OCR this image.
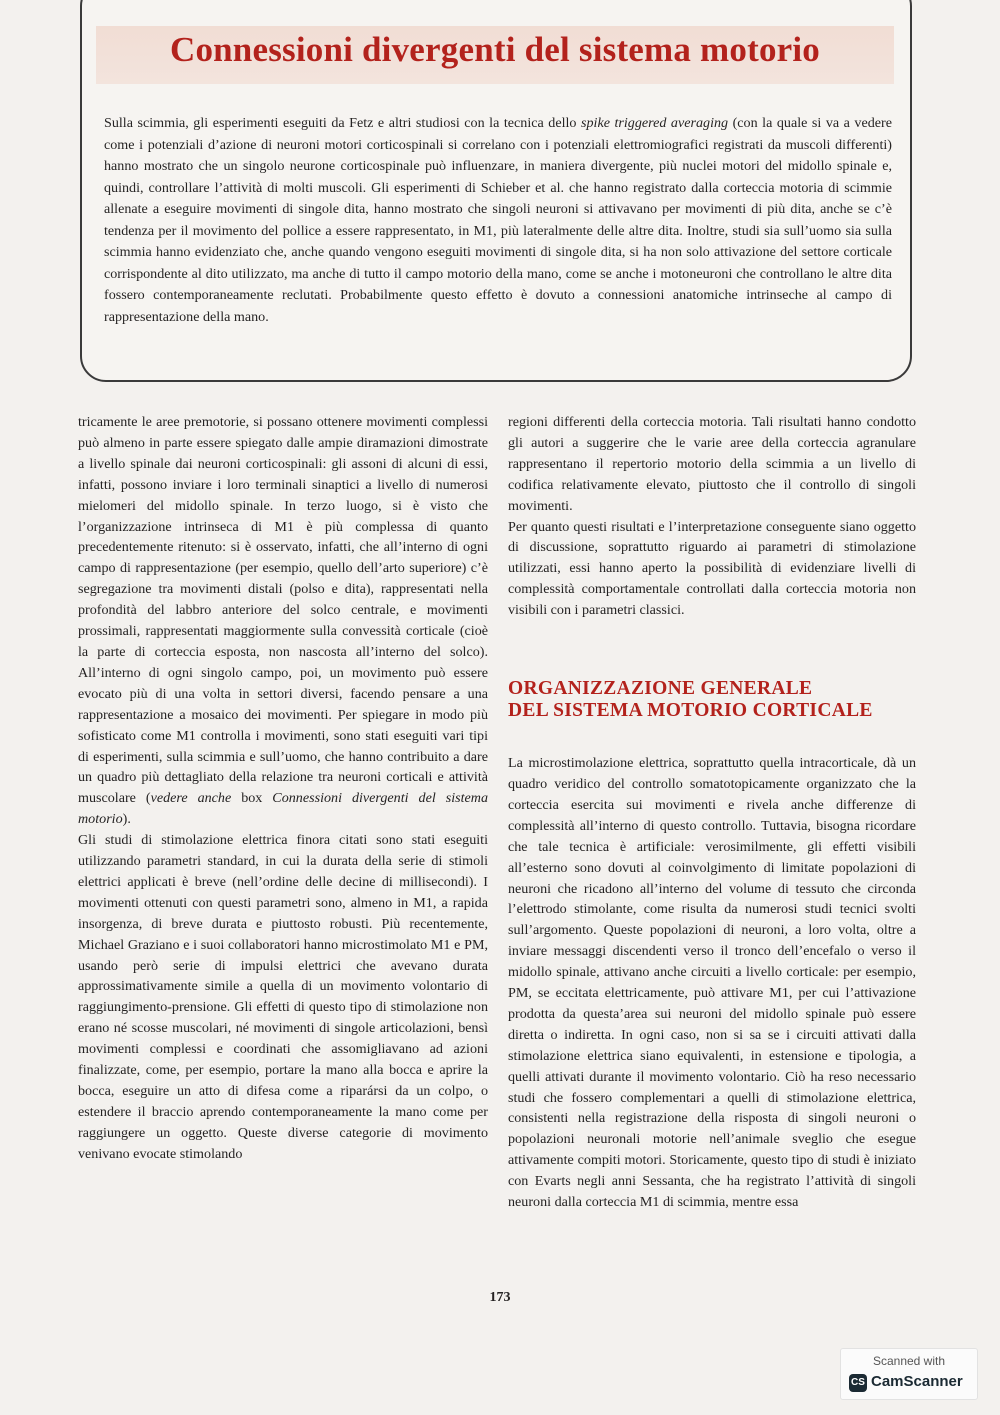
Connessioni divergenti del sistema motorio
Sulla scimmia, gli esperimenti eseguiti da Fetz e altri studiosi con la tecnica dello spike triggered averaging (con la quale si va a vedere come i potenziali d’azione di neuroni motori corticospinali si correlano con i potenziali elettromiografici registrati da muscoli differenti) hanno mostrato che un singolo neurone corticospinale può influenzare, in maniera divergente, più nuclei motori del midollo spinale e, quindi, controllare l’attività di molti muscoli. Gli esperimenti di Schieber et al. che hanno registrato dalla corteccia motoria di scimmie allenate a eseguire movimenti di singole dita, hanno mostrato che singoli neuroni si attivavano per movimenti di più dita, anche se c’è tendenza per il movimento del pollice a essere rappresentato, in M1, più lateralmente delle altre dita. Inoltre, studi sia sull’uomo sia sulla scimmia hanno evidenziato che, anche quando vengono eseguiti movimenti di singole dita, si ha non solo attivazione del settore corticale corrispondente al dito utilizzato, ma anche di tutto il campo motorio della mano, come se anche i motoneuroni che controllano le altre dita fossero contemporaneamente reclutati. Probabilmente questo effetto è dovuto a connessioni anatomiche intrinseche al campo di rappresentazione della mano.

tricamente le aree premotorie, si possano ottenere movimenti complessi può almeno in parte essere spiegato dalle ampie diramazioni dimostrate a livello spinale dai neuroni corticospinali: gli assoni di alcuni di essi, infatti, possono inviare i loro terminali sinaptici a livello di numerosi mielomeri del midollo spinale. In terzo luogo, si è visto che l’organizzazione intrinseca di M1 è più complessa di quanto precedentemente ritenuto: si è osservato, infatti, che all’interno di ogni campo di rappresentazione (per esempio, quello dell’arto superiore) c’è segregazione tra movimenti distali (polso e dita), rappresentati nella profondità del labbro anteriore del solco centrale, e movimenti prossimali, rappresentati maggiormente sulla convessità corticale (cioè la parte di corteccia esposta, non nascosta all’interno del solco). All’interno di ogni singolo campo, poi, un movimento può essere evocato più di una volta in settori diversi, facendo pensare a una rappresentazione a mosaico dei movimenti. Per spiegare in modo più sofisticato come M1 controlla i movimenti, sono stati eseguiti vari tipi di esperimenti, sulla scimmia e sull’uomo, che hanno contribuito a dare un quadro più dettagliato della relazione tra neuroni corticali e attività muscolare (vedere anche box Connessioni divergenti del sistema motorio).

Gli studi di stimolazione elettrica finora citati sono stati eseguiti utilizzando parametri standard, in cui la durata della serie di stimoli elettrici applicati è breve (nell’ordine delle decine di millisecondi). I movimenti ottenuti con questi parametri sono, almeno in M1, a rapida insorgenza, di breve durata e piuttosto robusti. Più recentemente, Michael Graziano e i suoi collaboratori hanno microstimolato M1 e PM, usando però serie di impulsi elettrici che avevano durata approssimativamente simile a quella di un movimento volontario di raggiungimento-prensione. Gli effetti di questo tipo di stimolazione non erano né scosse muscolari, né movimenti di singole articolazioni, bensì movimenti complessi e coordinati che assomigliavano ad azioni finalizzate, come, per esempio, portare la mano alla bocca e aprire la bocca, eseguire un atto di difesa come a riparársi da un colpo, o estendere il braccio aprendo contemporaneamente la mano come per raggiungere un oggetto. Queste diverse categorie di movimento venivano evocate stimolando

regioni differenti della corteccia motoria. Tali risultati hanno condotto gli autori a suggerire che le varie aree della corteccia agranulare rappresentano il repertorio motorio della scimmia a un livello di codifica relativamente elevato, piuttosto che il controllo di singoli movimenti.

Per quanto questi risultati e l’interpretazione conseguente siano oggetto di discussione, soprattutto riguardo ai parametri di stimolazione utilizzati, essi hanno aperto la possibilità di evidenziare livelli di complessità comportamentale controllati dalla corteccia motoria non visibili con i parametri classici.

ORGANIZZAZIONE GENERALE
DEL SISTEMA MOTORIO CORTICALE

La microstimolazione elettrica, soprattutto quella intracorticale, dà un quadro veridico del controllo somatotopicamente organizzato che la corteccia esercita sui movimenti e rivela anche differenze di complessità all’interno di questo controllo. Tuttavia, bisogna ricordare che tale tecnica è artificiale: verosimilmente, gli effetti visibili all’esterno sono dovuti al coinvolgimento di limitate popolazioni di neuroni che ricadono all’interno del volume di tessuto che circonda l’elettrodo stimolante, come risulta da numerosi studi tecnici svolti sull’argomento. Queste popolazioni di neuroni, a loro volta, oltre a inviare messaggi discendenti verso il tronco dell’encefalo o verso il midollo spinale, attivano anche circuiti a livello corticale: per esempio, PM, se eccitata elettricamente, può attivare M1, per cui l’attivazione prodotta da questa’area sui neuroni del midollo spinale può essere diretta o indiretta. In ogni caso, non si sa se i circuiti attivati dalla stimolazione elettrica siano equivalenti, in estensione e tipologia, a quelli attivati durante il movimento volontario. Ciò ha reso necessario studi che fossero complementari a quelli di stimolazione elettrica, consistenti nella registrazione della risposta di singoli neuroni o popolazioni neuronali motorie nell’animale sveglio che esegue attivamente compiti motori. Storicamente, questo tipo di studi è iniziato con Evarts negli anni Sessanta, che ha registrato l’attività di singoli neuroni dalla corteccia M1 di scimmia, mentre essa

173
Scanned with
CS CamScanner
